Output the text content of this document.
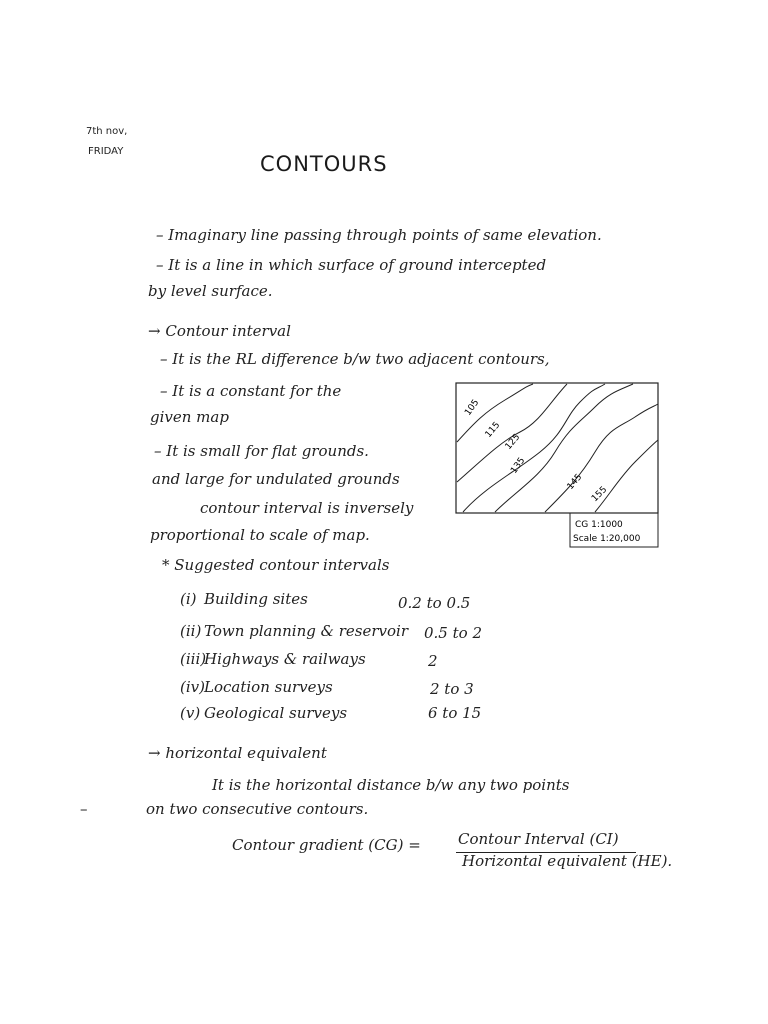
7th nov,
FRIDAY
CONTOURS
– Imaginary line passing through points of same elevation.
– It is a line in which surface of ground intercepted
by level surface.
→ Contour interval
– It is the RL difference b/w two adjacent contours,
– It is a constant for the
given map
– It is small for flat grounds.
and large for undulated grounds
contour interval is inversely
proportional to scale of map.
105
115
125
135
145
155
CG 1:1000
Scale 1:20,000
* Suggested contour intervals
(i) Building sites	0.2 to 0.5
(ii) Town planning & reservoir 0.5 to 2
(iii)
Highways & railways	2
(iv) Location surveys	2 to 3
(v) Geological surveys	6 to 15
→ horizontal equivalent
It is the horizontal distance b/w any two points
–	on two consecutive contours.
Contour gradient (CG) = Contour Interval (CI)
Horizontal equivalent (HE).
